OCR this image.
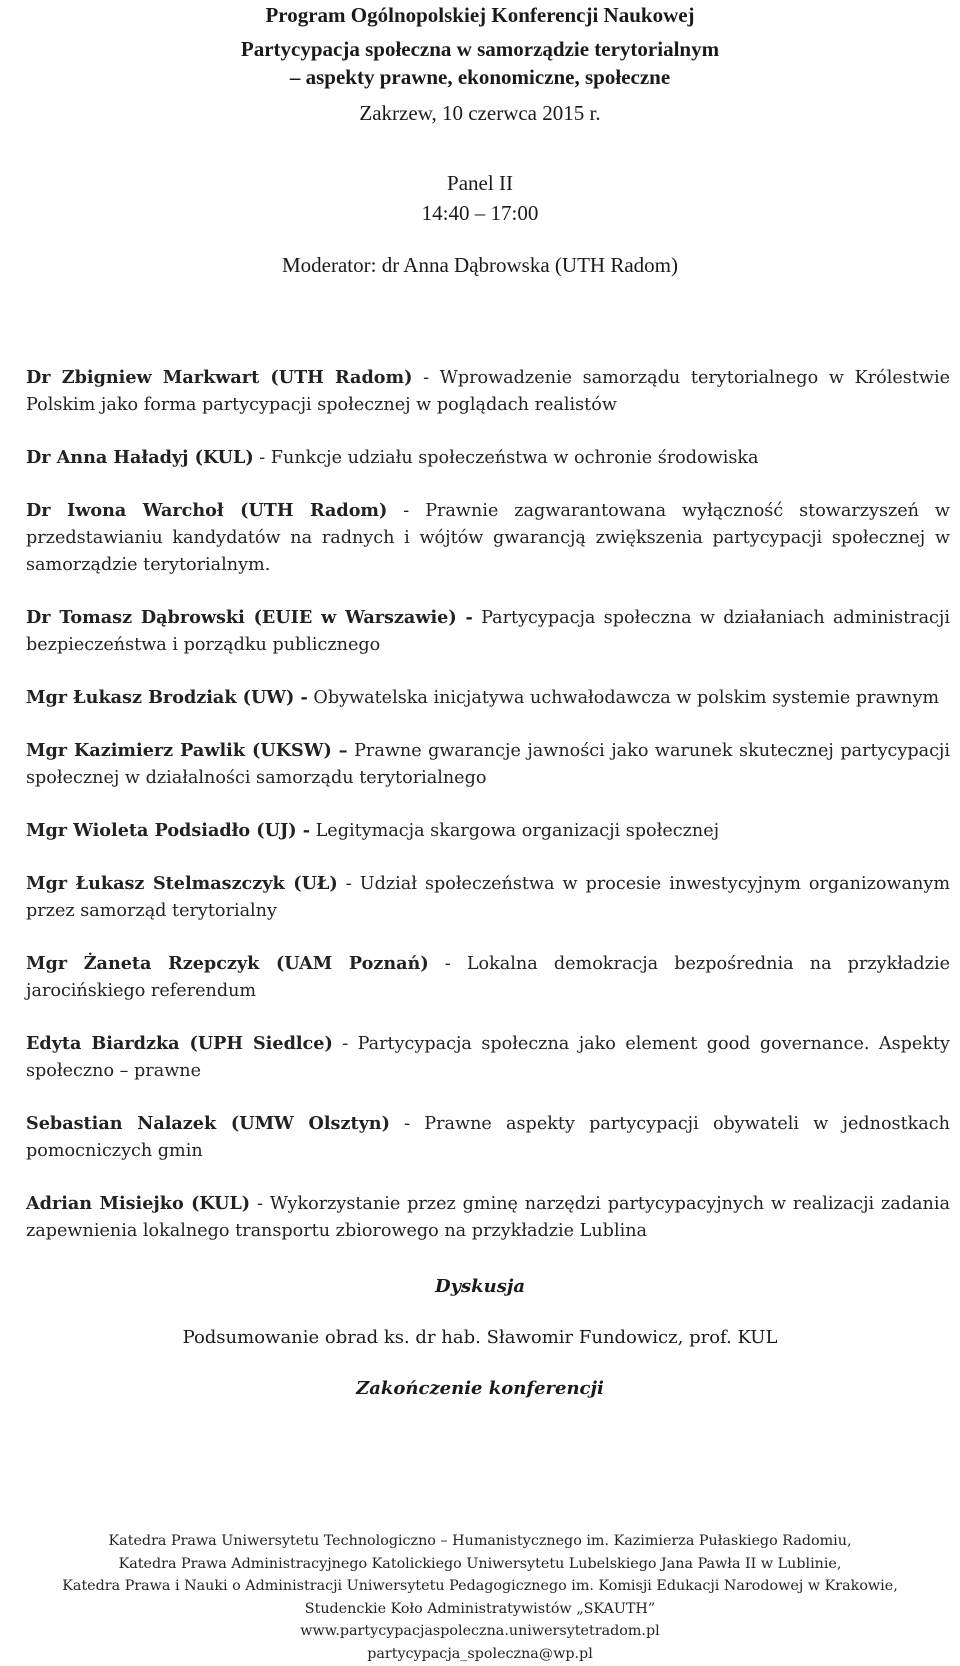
Program Ogólnopolskiej Konferencji Naukowej
Partycypacja społeczna w samorządzie terytorialnym
– aspekty prawne, ekonomiczne, społeczne
Zakrzew, 10 czerwca 2015 r.
Panel II
14:40 – 17:00
Moderator: dr Anna Dąbrowska (UTH Radom)
Dr Zbigniew Markwart (UTH Radom) - Wprowadzenie samorządu terytorialnego w Królestwie Polskim jako forma partycypacji społecznej w poglądach realistów
Dr Anna Haładyj (KUL) - Funkcje udziału społeczeństwa w ochronie środowiska
Dr Iwona Warchoł (UTH Radom) - Prawnie zagwarantowana wyłączność stowarzyszeń w przedstawianiu kandydatów na radnych i wójtów gwarancją zwiększenia partycypacji społecznej w samorządzie terytorialnym.
Dr Tomasz Dąbrowski (EUIE w Warszawie) - Partycypacja społeczna w działaniach administracji bezpieczeństwa i porządku publicznego
Mgr Łukasz Brodziak (UW) - Obywatelska inicjatywa uchwałodawcza w polskim systemie prawnym
Mgr Kazimierz Pawlik (UKSW) – Prawne gwarancje jawności jako warunek skutecznej partycypacji społecznej w działalności samorządu terytorialnego
Mgr Wioleta Podsiadło (UJ) - Legitymacja skargowa organizacji społecznej
Mgr Łukasz Stelmaszczyk (UŁ) - Udział społeczeństwa w procesie inwestycyjnym organizowanym przez samorząd terytorialny
Mgr Żaneta Rzepczyk (UAM Poznań) - Lokalna demokracja bezpośrednia na przykładzie jarocińskiego referendum
Edyta Biardzka (UPH Siedlce) - Partycypacja społeczna jako element good governance. Aspekty społeczno – prawne
Sebastian Nalazek (UMW Olsztyn) - Prawne aspekty partycypacji obywateli w jednostkach pomocniczych gmin
Adrian Misiejko (KUL) - Wykorzystanie przez gminę narzędzi partycypacyjnych w realizacji zadania zapewnienia lokalnego transportu zbiorowego na przykładzie Lublina
Dyskusja
Podsumowanie obrad ks. dr hab. Sławomir Fundowicz, prof. KUL
Zakończenie konferencji
Katedra Prawa Uniwersytetu Technologiczno – Humanistycznego im. Kazimierza Pułaskiego Radomiu,
Katedra Prawa Administracyjnego Katolickiego Uniwersytetu Lubelskiego Jana Pawła II w Lublinie,
Katedra Prawa i Nauki o Administracji Uniwersytetu Pedagogicznego im. Komisji Edukacji Narodowej w Krakowie,
Studenckie Koło Administratywistów „SKAUTH”
www.partycypacjaspoleczna.uniwersytetradom.pl
partycypacja_spoleczna@wp.pl
